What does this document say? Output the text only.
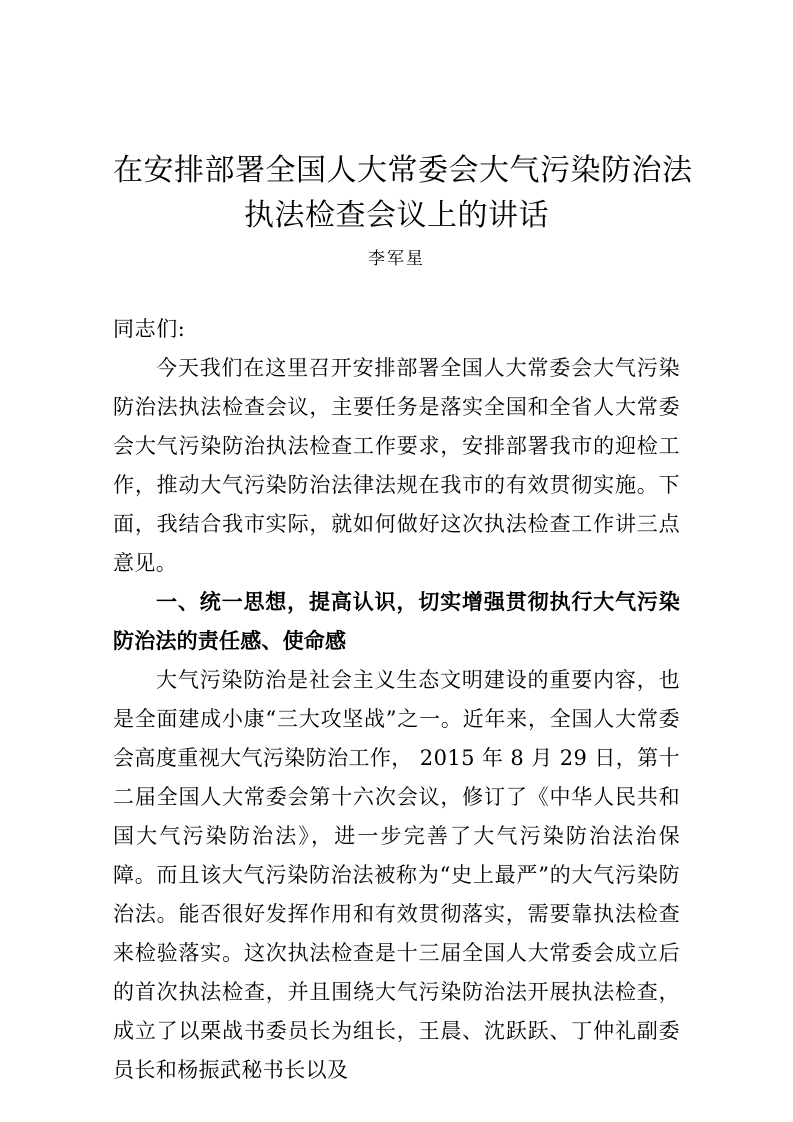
在安排部署全国人大常委会大气污染防治法
执法检查会议上的讲话
李军星

同志们:

今天我们在这里召开安排部署全国人大常委会大气污染防治法执法检查会议，主要任务是落实全国和全省人大常委会大气污染防治执法检查工作要求，安排部署我市的迎检工作，推动大气污染防治法律法规在我市的有效贯彻实施。下面，我结合我市实际，就如何做好这次执法检查工作讲三点意见。

一、统一思想，提高认识，切实增强贯彻执行大气污染防治法的责任感、使命感

大气污染防治是社会主义生态文明建设的重要内容，也是全面建成小康“三大攻坚战”之一。近年来，全国人大常委会高度重视大气污染防治工作， 2015 年 8 月 29 日，第十二届全国人大常委会第十六次会议，修订了《中华人民共和国大气污染防治法》，进一步完善了大气污染防治法治保障。而且该大气污染防治法被称为“史上最严”的大气污染防治法。能否很好发挥作用和有效贯彻落实，需要靠执法检查来检验落实。这次执法检查是十三届全国人大常委会成立后的首次执法检查，并且围绕大气污染防治法开展执法检查，成立了以栗战书委员长为组长，王晨、沈跃跃、丁仲礼副委员长和杨振武秘书长以及
